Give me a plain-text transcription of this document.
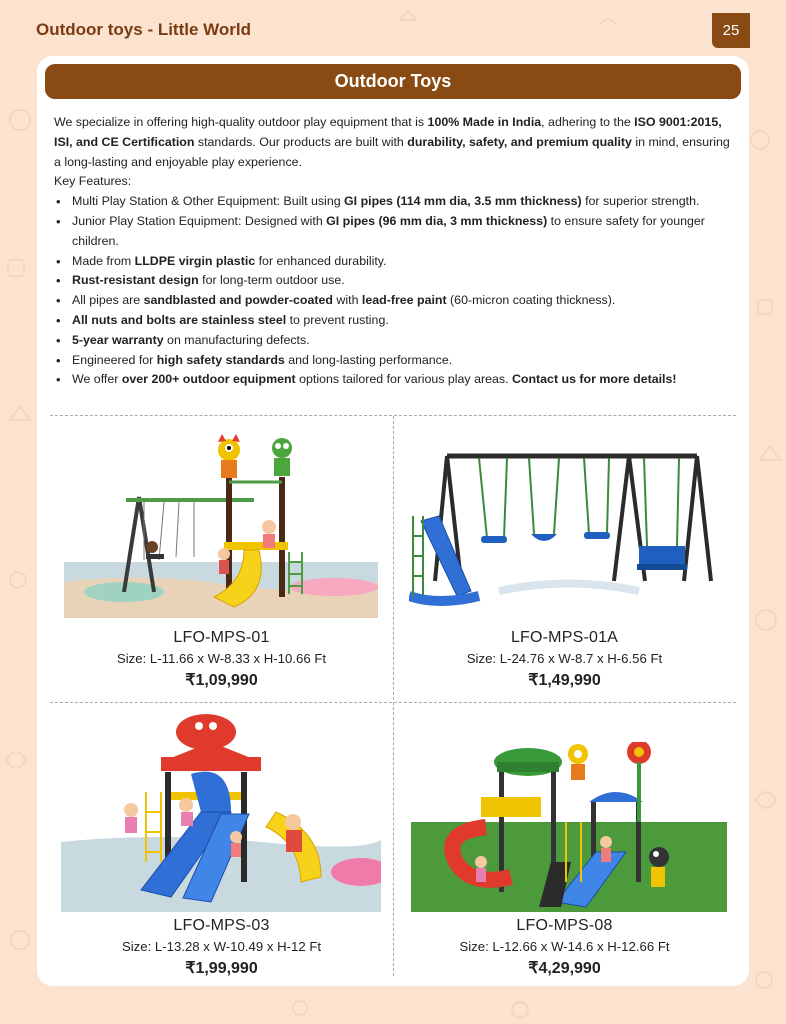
Outdoor toys - Little World	25
Outdoor Toys

We specialize in offering high-quality outdoor play equipment that is 100% Made in India, adhering to the ISO 9001:2015, ISI, and CE Certification standards. Our products are built with durability, safety, and premium quality in mind, ensuring a long-lasting and enjoyable play experience.

Key Features:

• Multi Play Station & Other Equipment: Built using GI pipes (114 mm dia, 3.5 mm thickness) for superior strength.
• Junior Play Station Equipment: Designed with GI pipes (96 mm dia, 3 mm thickness) to ensure safety for younger children.
• Made from LLDPE virgin plastic for enhanced durability.
• Rust-resistant design for long-term outdoor use.
• All pipes are sandblasted and powder-coated with lead-free paint (60-micron coating thickness).
• All nuts and bolts are stainless steel to prevent rusting.
• 5-year warranty on manufacturing defects.
• Engineered for high safety standards and long-lasting performance.
• We offer over 200+ outdoor equipment options tailored for various play areas. Contact us for more details!
LFO-MPS-01
Size: L-11.66 x W-8.33 x H-10.66 Ft
₹1,09,990
LFO-MPS-01A
Size: L-24.76 x W-8.7 x H-6.56 Ft
₹1,49,990
LFO-MPS-03
Size: L-13.28 x W-10.49 x H-12 Ft
₹1,99,990
LFO-MPS-08
Size: L-12.66 x W-14.6 x H-12.66 Ft
₹4,29,990
